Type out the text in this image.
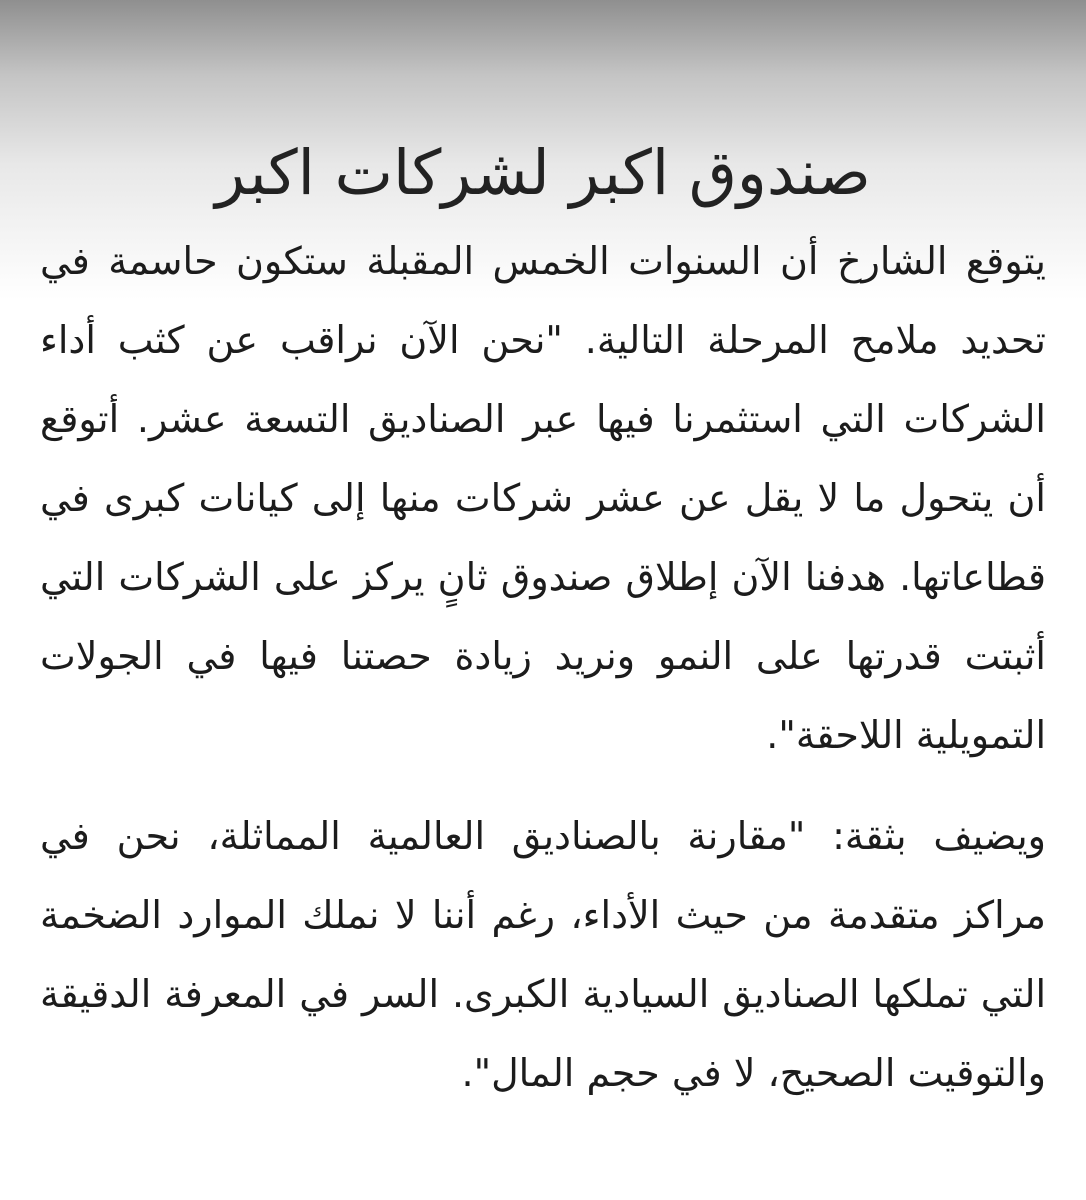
صندوق اكبر لشركات اكبر

يتوقع الشارخ أن السنوات الخمس المقبلة ستكون حاسمة في تحديد ملامح المرحلة التالية. "نحن الآن نراقب عن كثب أداء الشركات التي استثمرنا فيها عبر الصناديق التسعة عشر. أتوقع أن يتحول ما لا يقل عن عشر شركات منها إلى كيانات كبرى في قطاعاتها. هدفنا الآن إطلاق صندوق ثانٍ يركز على الشركات التي أثبتت قدرتها على النمو ونريد زيادة حصتنا فيها في الجولات التمويلية اللاحقة".

ويضيف بثقة: "مقارنة بالصناديق العالمية المماثلة، نحن في مراكز متقدمة من حيث الأداء، رغم أننا لا نملك الموارد الضخمة التي تملكها الصناديق السيادية الكبرى. السر في المعرفة الدقيقة والتوقيت الصحيح، لا في حجم المال".
